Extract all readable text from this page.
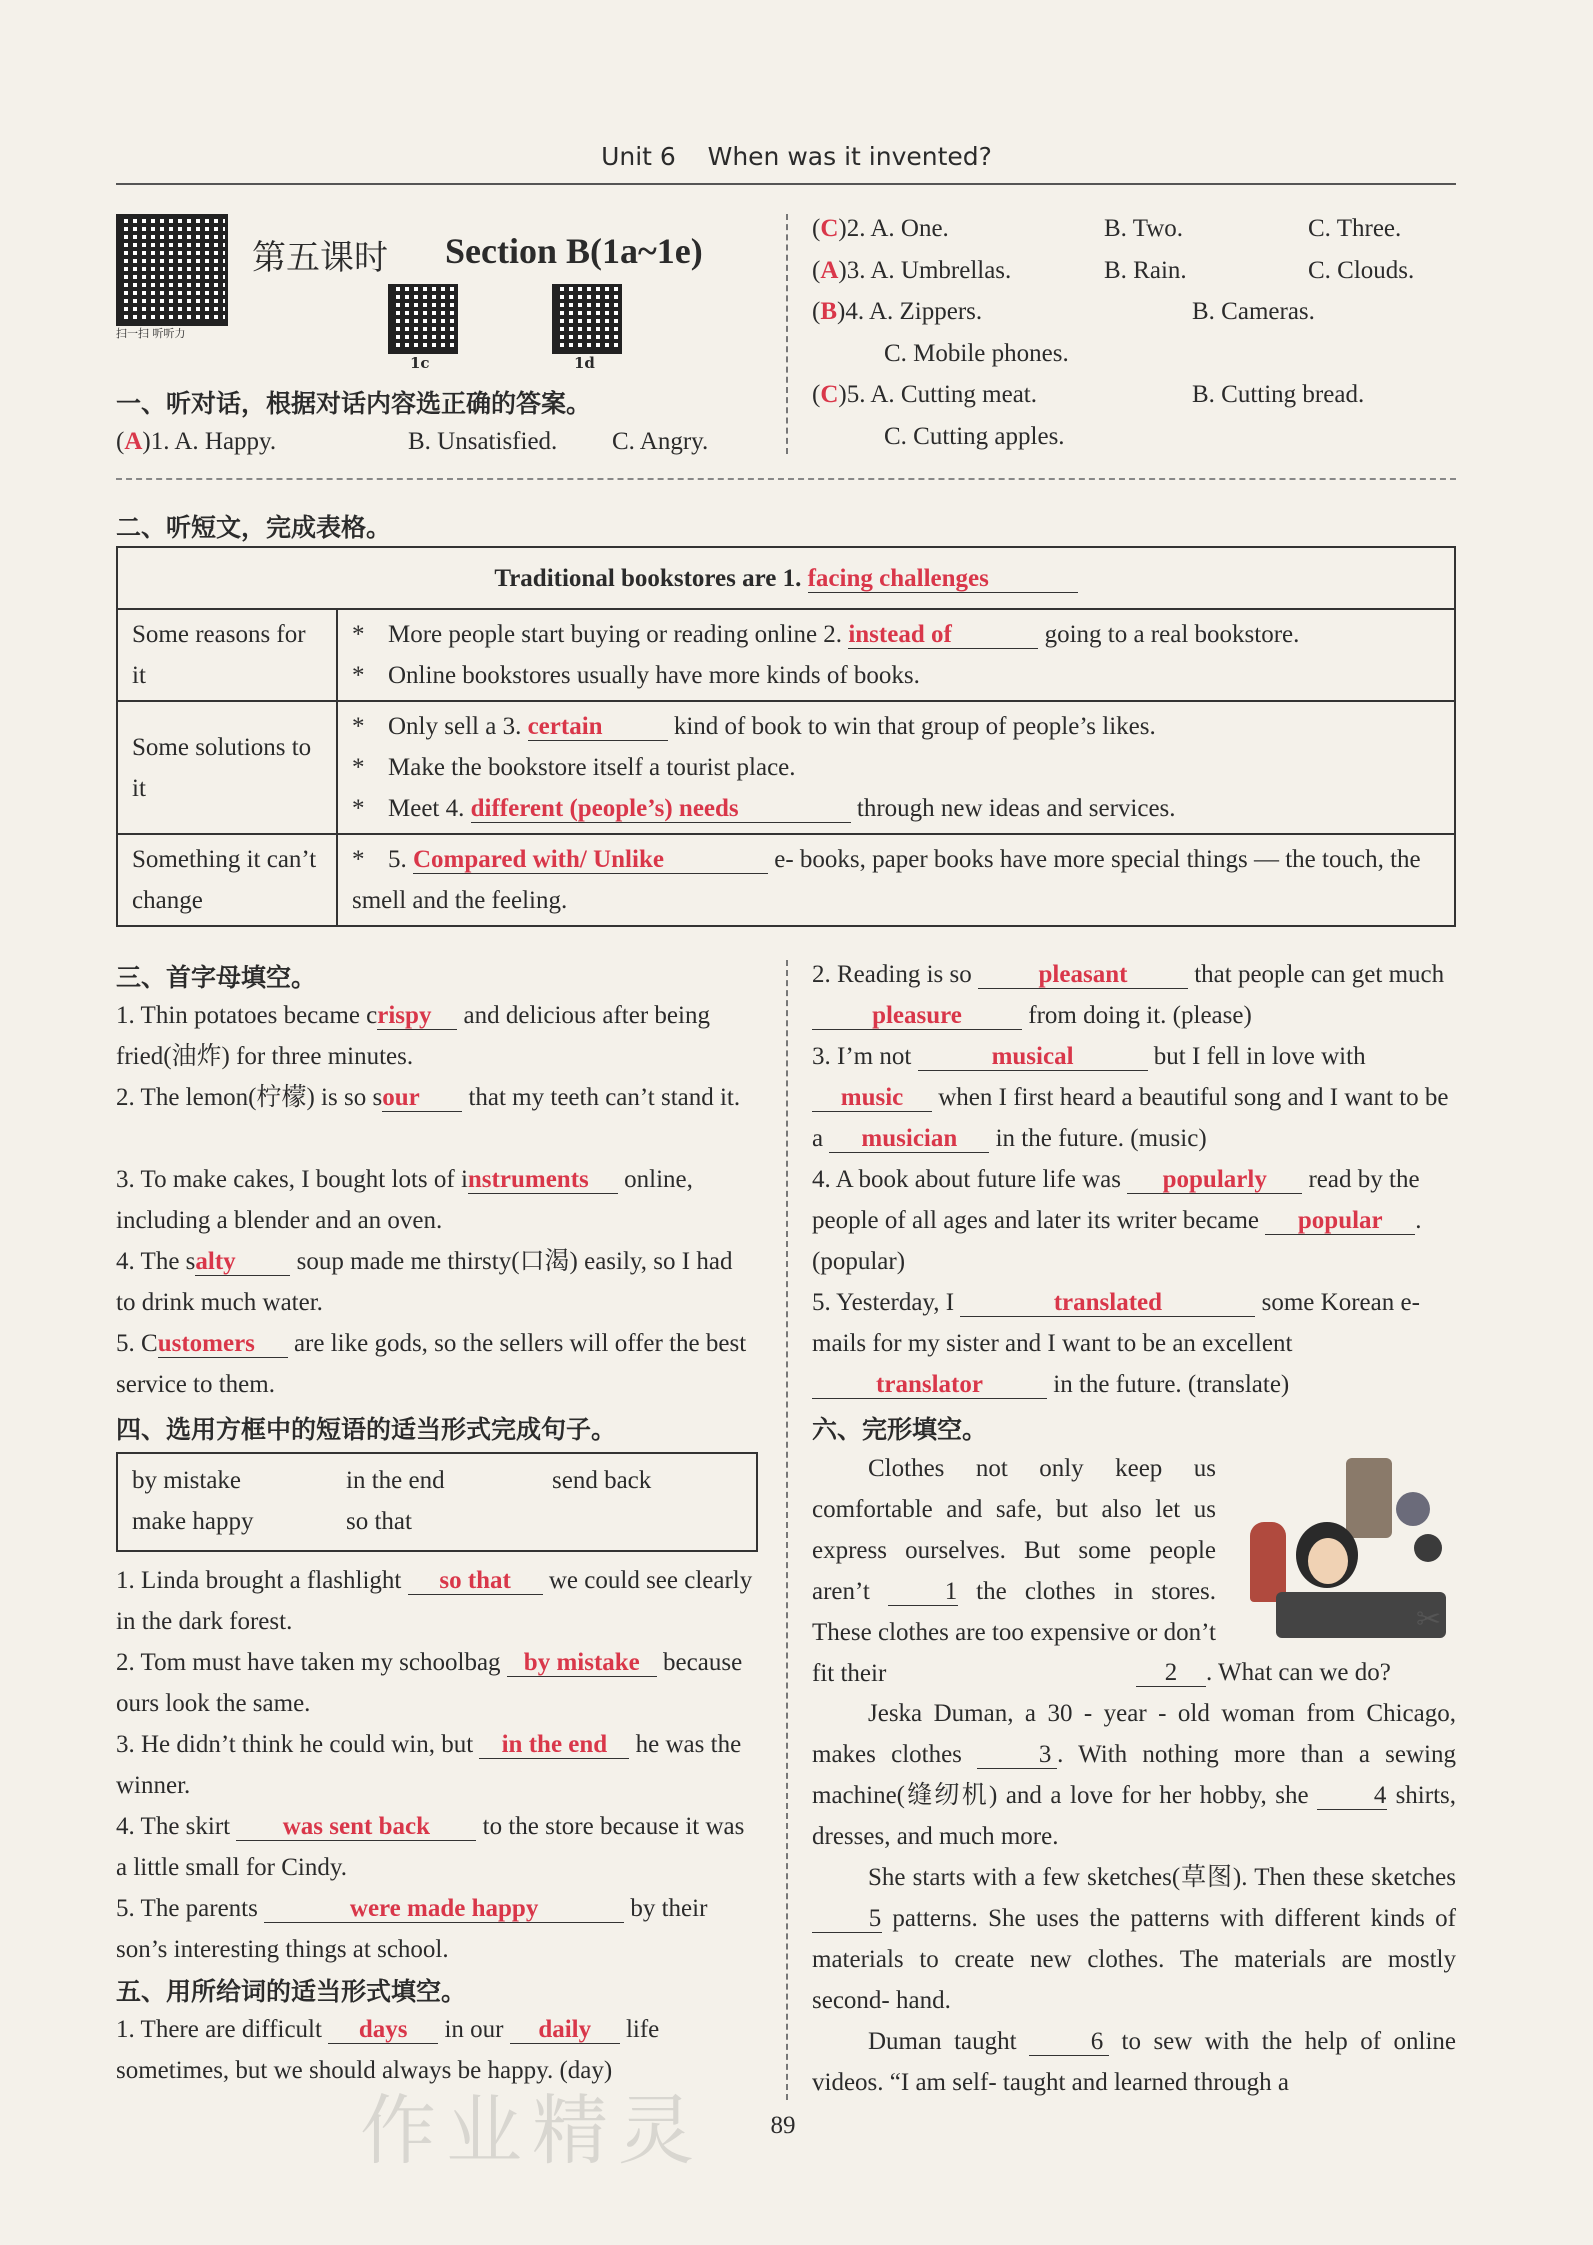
Unit 6 When was it invented?
扫一扫 听听力
第五课时 Section B(1a~1e)
1c	1d
一、听对话，根据对话内容选正确的答案。
(A)1. A. Happy.	B. Unsatisfied. C. Angry.
(C)2. A. One.	B. Two.	C. Three.
(A)3. A. Umbrellas.	B. Rain.	C. Clouds.
(B)4. A. Zippers.	B. Cameras.
C. Mobile phones.
(C)5. A. Cutting meat.	B. Cutting bread.
C. Cutting apples.
二、听短文，完成表格。
Traditional bookstores are 1. facing challenges	
Some reasons for it	* More people start buying or reading online 2. instead of going to a real bookstore.
* Online bookstores usually have more kinds of books.

Some solutions to it	* Only sell a 3. certain kind of book to win that group of people’s likes.
* Make the bookstore itself a tourist place.
* Meet 4. different (people’s) needs through new ideas and services.

Something it can’t change	* 5. Compared with/ Unlike e- books, paper books have more special things — the touch, the smell and the feeling.
三、首字母填空。
1. Thin potatoes became crispy and delicious after being fried(油炸) for three minutes.
2. The lemon(柠檬) is so sour that my teeth can’t stand it.
3. To make cakes, I bought lots of instruments online, including a blender and an oven.
4. The salty soup made me thirsty(口渴) easily, so I had to drink much water.
5. Customers are like gods, so the sellers will offer the best service to them.
四、选用方框中的短语的适当形式完成句子。
by mistake	in the end	send back
make happy	so that
1. Linda brought a flashlight so that we could see clearly in the dark forest.
2. Tom must have taken my schoolbag by mistake because ours look the same.
3. He didn’t think he could win, but in the end he was the winner.
4. The skirt was sent back to the store because it was a little small for Cindy.
5. The parents	were made happy	by their son’s interesting things at school.
五、用所给词的适当形式填空。
1. There are difficult days in our daily life sometimes, but we should always be happy. (day)
2. Reading is so	pleasant	that people can get much pleasure	from doing it. (please)
3. I’m not	musical	but I fell in love with music when I first heard a beautiful song and I want to be a musician in the future. (music)
4. A book about future life was popularly read by the people of all ages and later its writer became popular . (popular)
5. Yesterday, I	translated	some Korean e- mails for my sister and I want to be an excellent translator	in the future. (translate)
六、完形填空。
✂
Clothes not only keep us comfortable and safe, but also let us express ourselves. But some people aren’t	1 the clothes in stores. These clothes are too expensive or don’t fit their	2 . What can we do?
Jeska Duman, a 30 - year - old woman from Chicago, makes clothes	3 . With nothing more than a sewing machine(缝纫机) and a love for her hobby, she	4 shirts, dresses, and much more.
She starts with a few sketches(草图). Then these sketches 5 patterns. She uses the patterns with different kinds of materials to create new clothes. The materials are mostly second- hand.
Duman taught	6 to sew with the help of online videos. “I am self- taught and learned through a
作业精灵	89
